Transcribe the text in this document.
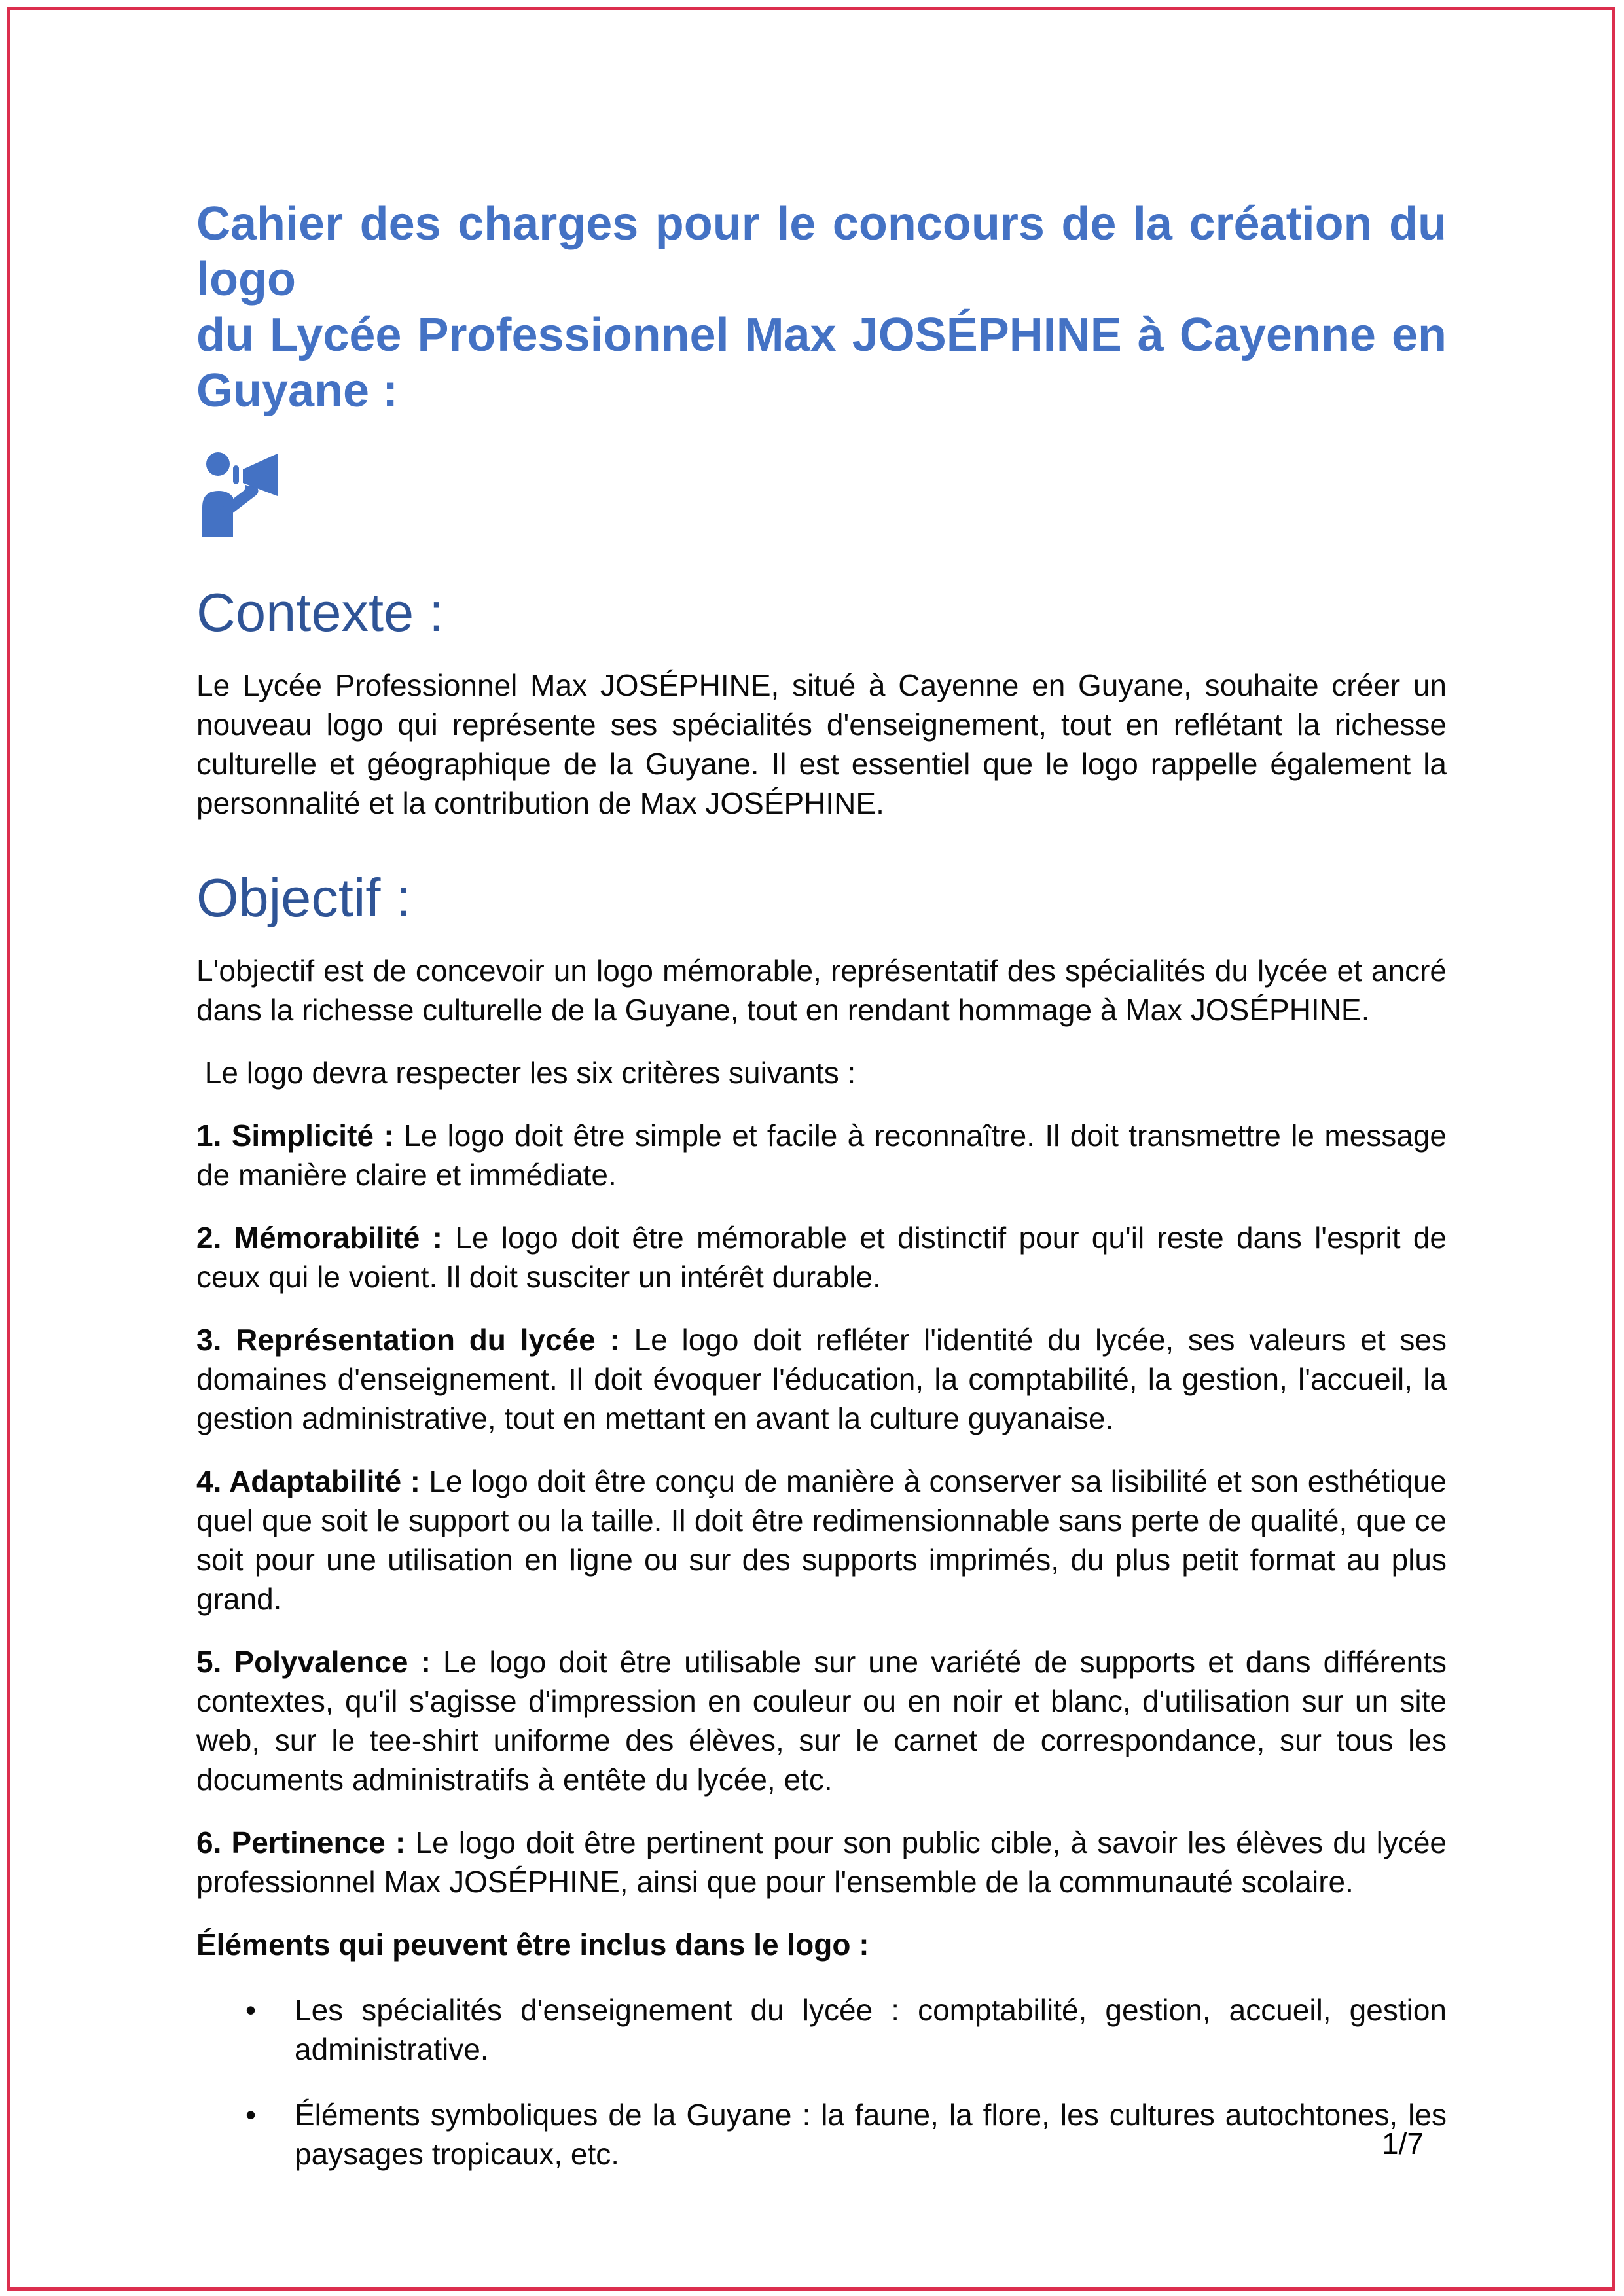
Cahier des charges pour le concours de la création du logo
du Lycée Professionnel Max JOSÉPHINE à Cayenne en
Guyane :
Contexte :

Le Lycée Professionnel Max JOSÉPHINE, situé à Cayenne en Guyane, souhaite créer un nouveau logo qui représente ses spécialités d'enseignement, tout en reflétant la richesse culturelle et géographique de la Guyane. Il est essentiel que le logo rappelle également la personnalité et la contribution de Max JOSÉPHINE.

Objectif :

L'objectif est de concevoir un logo mémorable, représentatif des spécialités du lycée et ancré dans la richesse culturelle de la Guyane, tout en rendant hommage à Max JOSÉPHINE.

Le logo devra respecter les six critères suivants :

1. Simplicité : Le logo doit être simple et facile à reconnaître. Il doit transmettre le message de manière claire et immédiate.

2. Mémorabilité : Le logo doit être mémorable et distinctif pour qu'il reste dans l'esprit de ceux qui le voient. Il doit susciter un intérêt durable.

3. Représentation du lycée : Le logo doit refléter l'identité du lycée, ses valeurs et ses domaines d'enseignement. Il doit évoquer l'éducation, la comptabilité, la gestion, l'accueil, la gestion administrative, tout en mettant en avant la culture guyanaise.

4. Adaptabilité : Le logo doit être conçu de manière à conserver sa lisibilité et son esthétique quel que soit le support ou la taille. Il doit être redimensionnable sans perte de qualité, que ce soit pour une utilisation en ligne ou sur des supports imprimés, du plus petit format au plus grand.

5. Polyvalence : Le logo doit être utilisable sur une variété de supports et dans différents contextes, qu'il s'agisse d'impression en couleur ou en noir et blanc, d'utilisation sur un site web, sur le tee-shirt uniforme des élèves, sur le carnet de correspondance, sur tous les documents administratifs à entête du lycée, etc.

6. Pertinence : Le logo doit être pertinent pour son public cible, à savoir les élèves du lycée professionnel Max JOSÉPHINE, ainsi que pour l'ensemble de la communauté scolaire.

Éléments qui peuvent être inclus dans le logo :

•	Les spécialités d'enseignement du lycée : comptabilité, gestion, accueil, gestion administrative.
•	Éléments symboliques de la Guyane : la faune, la flore, les cultures autochtones, les paysages tropicaux, etc.	1/7
